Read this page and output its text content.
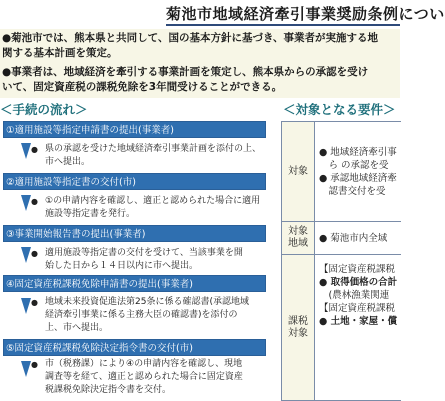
菊池市地域経済牽引事業奨励条例につい

●菊池市では、熊本県と共同して、国の基本方針に基づき、事業者が実施する地

関する基本計画を策定。

●事業者は、地域経済を牽引する事業計画を策定し、熊本県からの承認を受け

いて、固定資産税の課税免除を3年間受けることができる。

＜手続の流れ＞	＜対象となる要件＞
①適用施設等指定申請書の提出(事業者)
● 県の承認を受けた地域経済牽引事業計画を添付の上、
市へ提出。
②適用施設等指定書の交付(市)
● ①の申請内容を確認し、適正と認められた場合に適用
施設等指定書を発行。
③事業開始報告書の提出(事業者)
● 適用施設等指定書の交付を受けて、当該事業を開
始した日から１４日以内に市へ提出。
④固定資産税課税免除申請書の提出(事業者)
● 地域未来投資促進法第25条に係る確認書(承認地域
経済牽引事業に係る主務大臣の確認書)を添付の
上、市へ提出。
⑤固定資産税課税免除決定指令書の交付(市)
● 市（税務課）により④の申請内容を確認し、現地
調査等を経て、適正と認められた場合に固定資産
税課税免除決定指令書を交付。
対象
● 地域経済牽引事
　ら の承認を受
● 承認地域経済牽
　認書交付を受
対象
地域	● 菊池市内全域
課税
対象
【固定資産税課税
● 取得価格の合計
　(農林漁業関連
【固定資産税課税
● 土地・家屋・償
